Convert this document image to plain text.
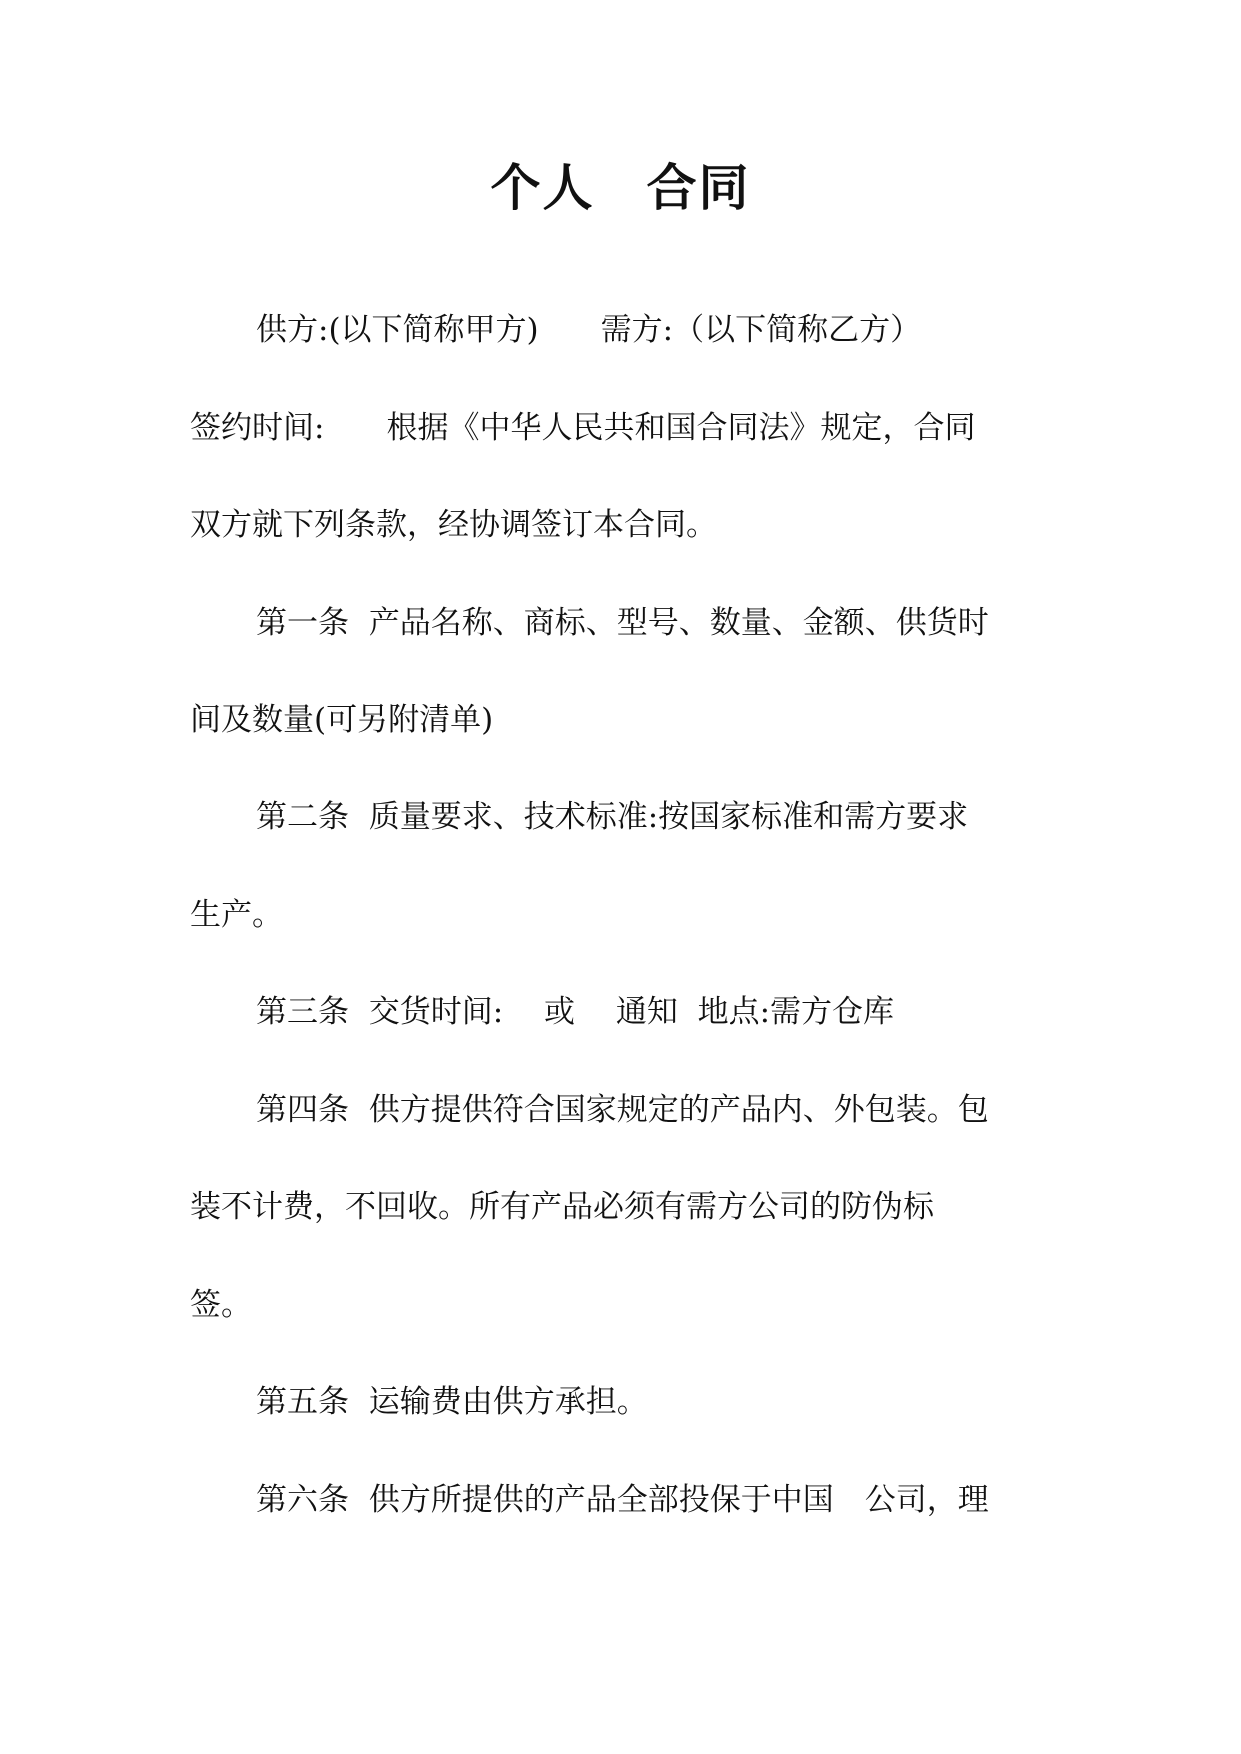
个人　合同

供方:(以下简称甲方)　　需方:（以下简称乙方）

签约时间:　　根据《中华人民共和国合同法》规定，合同

双方就下列条款，经协调签订本合同。

第一条  产品名称、商标、型号、数量、金额、供货时

间及数量(可另附清单)

第二条  质量要求、技术标准:按国家标准和需方要求

生产。

第三条  交货时间:　 或　 通知  地点:需方仓库

第四条  供方提供符合国家规定的产品内、外包装。包

装不计费，不回收。所有产品必须有需方公司的防伪标

签。

第五条  运输费由供方承担。

第六条  供方所提供的产品全部投保于中国　公司，理
